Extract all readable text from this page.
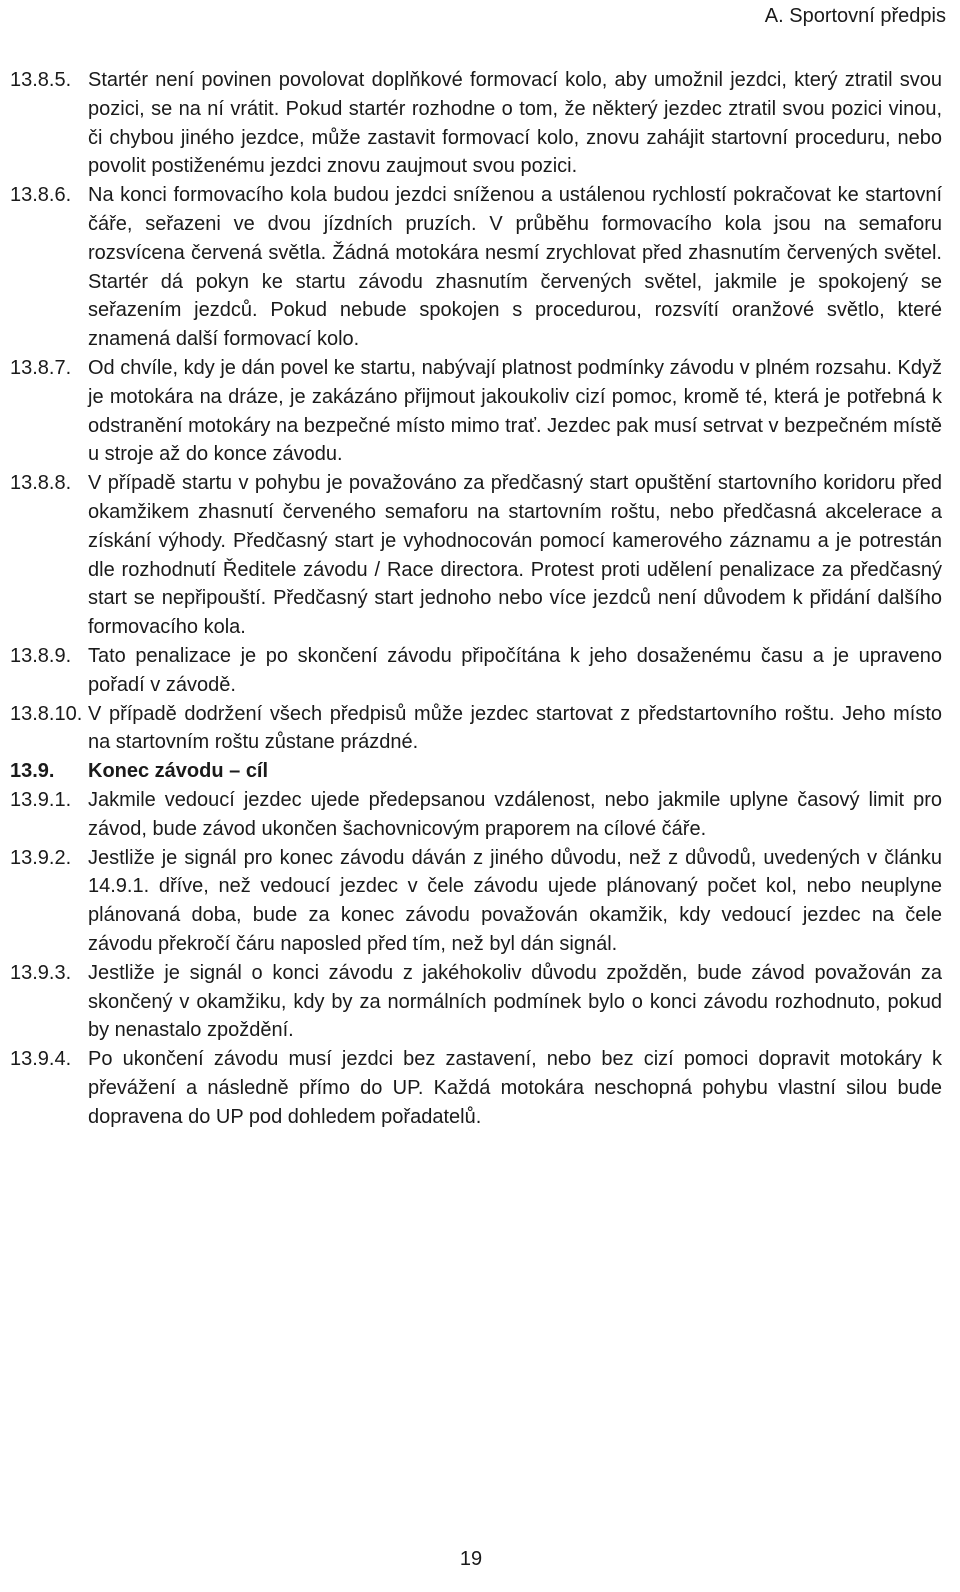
A. Sportovní předpis
13.8.5. Startér není povinen povolovat doplňkové formovací kolo, aby umožnil jezdci, který ztratil svou pozici, se na ní vrátit. Pokud startér rozhodne o tom, že některý jezdec ztratil svou pozici vinou, či chybou jiného jezdce, může zastavit formovací kolo, znovu zahájit startovní proceduru, nebo povolit postiženému jezdci znovu zaujmout svou pozici.
13.8.6. Na konci formovacího kola budou jezdci sníženou a ustálenou rychlostí pokračovat ke startovní čáře, seřazeni ve dvou jízdních pruzích. V průběhu formovacího kola jsou na semaforu rozsvícena červená světla. Žádná motokára nesmí zrychlovat před zhasnutím červených světel. Startér dá pokyn ke startu závodu zhasnutím červených světel, jakmile je spokojený se seřazením jezdců. Pokud nebude spokojen s procedurou, rozsvítí oranžové světlo, které znamená další formovací kolo.
13.8.7. Od chvíle, kdy je dán povel ke startu, nabývají platnost podmínky závodu v plném rozsahu. Když je motokára na dráze, je zakázáno přijmout jakoukoliv cizí pomoc, kromě té, která je potřebná k odstranění motokáry na bezpečné místo mimo trať. Jezdec pak musí setrvat v bezpečném místě u stroje až do konce závodu.
13.8.8. V případě startu v pohybu je považováno za předčasný start opuštění startovního koridoru před okamžikem zhasnutí červeného semaforu na startovním roštu, nebo předčasná akcelerace a získání výhody. Předčasný start je vyhodnocován pomocí kamerového záznamu a je potrestán dle rozhodnutí Ředitele závodu / Race directora. Protest proti udělení penalizace za předčasný start se nepřipouští. Předčasný start jednoho nebo více jezdců není důvodem k přidání dalšího formovacího kola.
13.8.9. Tato penalizace je po skončení závodu připočítána k jeho dosaženému času a je upraveno pořadí v závodě.
13.8.10. V případě dodržení všech předpisů může jezdec startovat z předstartovního roštu. Jeho místo na startovním roštu zůstane prázdné.
13.9.	Konec závodu – cíl
13.9.1. Jakmile vedoucí jezdec ujede předepsanou vzdálenost, nebo jakmile uplyne časový limit pro závod, bude závod ukončen šachovnicovým praporem na cílové čáře.
13.9.2. Jestliže je signál pro konec závodu dáván z jiného důvodu, než z důvodů, uvedených v článku 14.9.1. dříve, než vedoucí jezdec v čele závodu ujede plánovaný počet kol, nebo neuplyne plánovaná doba, bude za konec závodu považován okamžik, kdy vedoucí jezdec na čele závodu překročí čáru naposled před tím, než byl dán signál.
13.9.3. Jestliže je signál o konci závodu z jakéhokoliv důvodu zpožděn, bude závod považován za skončený v okamžiku, kdy by za normálních podmínek bylo o konci závodu rozhodnuto, pokud by nenastalo zpoždění.
13.9.4. Po ukončení závodu musí jezdci bez zastavení, nebo bez cizí pomoci dopravit motokáry k převážení a následně přímo do UP. Každá motokára neschopná pohybu vlastní silou bude dopravena do UP pod dohledem pořadatelů.
19
